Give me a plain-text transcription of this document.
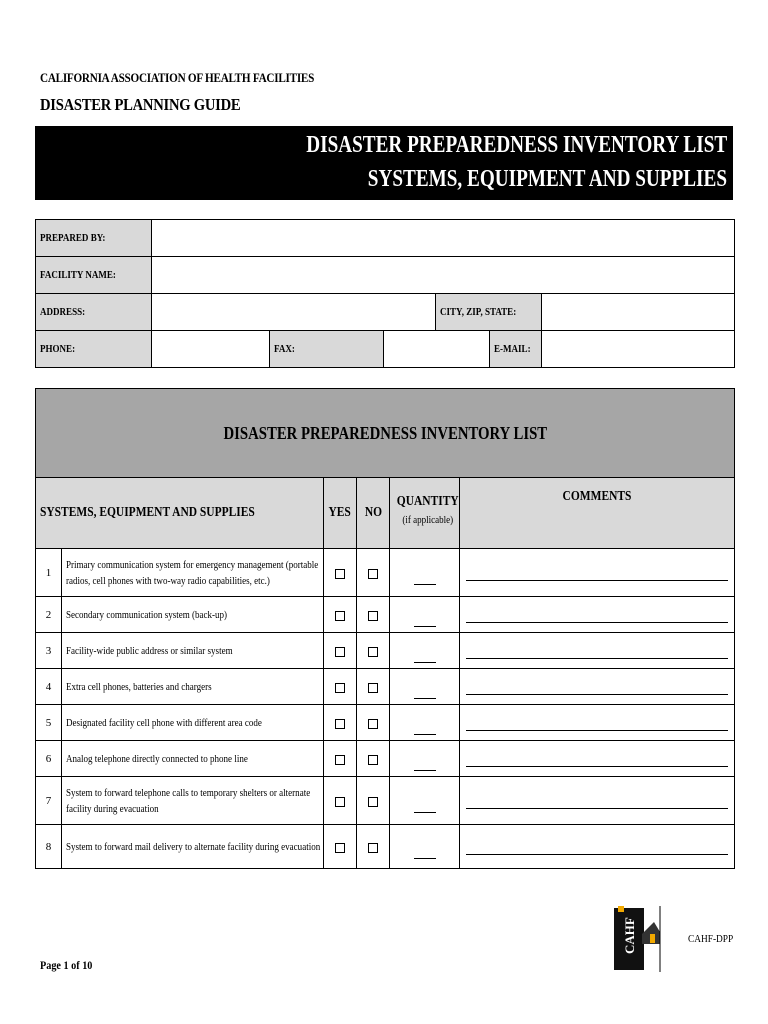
CALIFORNIA ASSOCIATION OF HEALTH FACILITIES
DISASTER PLANNING GUIDE
DISASTER PREPAREDNESS INVENTORY LIST
SYSTEMS, EQUIPMENT AND SUPPLIES
PREPARED BY:						
FACILITY NAME:						
ADDRESS:				CITY, ZIP, STATE:		
PHONE:		FAX:			E-MAIL:	
DISASTER PREPAREDNESS INVENTORY LIST					
SYSTEMS, EQUIPMENT AND SUPPLIES		YES	NO	QUANTITY
(if applicable)	COMMENTS
1	Primary communication system for emergency management (portable radios, cell phones with two-way radio capabilities, etc.)				

2	Secondary communication system (back-up)				

3	Facility-wide public address or similar system				

4	Extra cell phones, batteries and chargers				

5	Designated facility cell phone with different area code				

6	Analog telephone directly connected to phone line				

7	System to forward telephone calls to temporary shelters or alternate facility during evacuation				

8	System to forward mail delivery to alternate facility during evacuation				
CAHF
Page 1 of 10
CAHF-DPP
